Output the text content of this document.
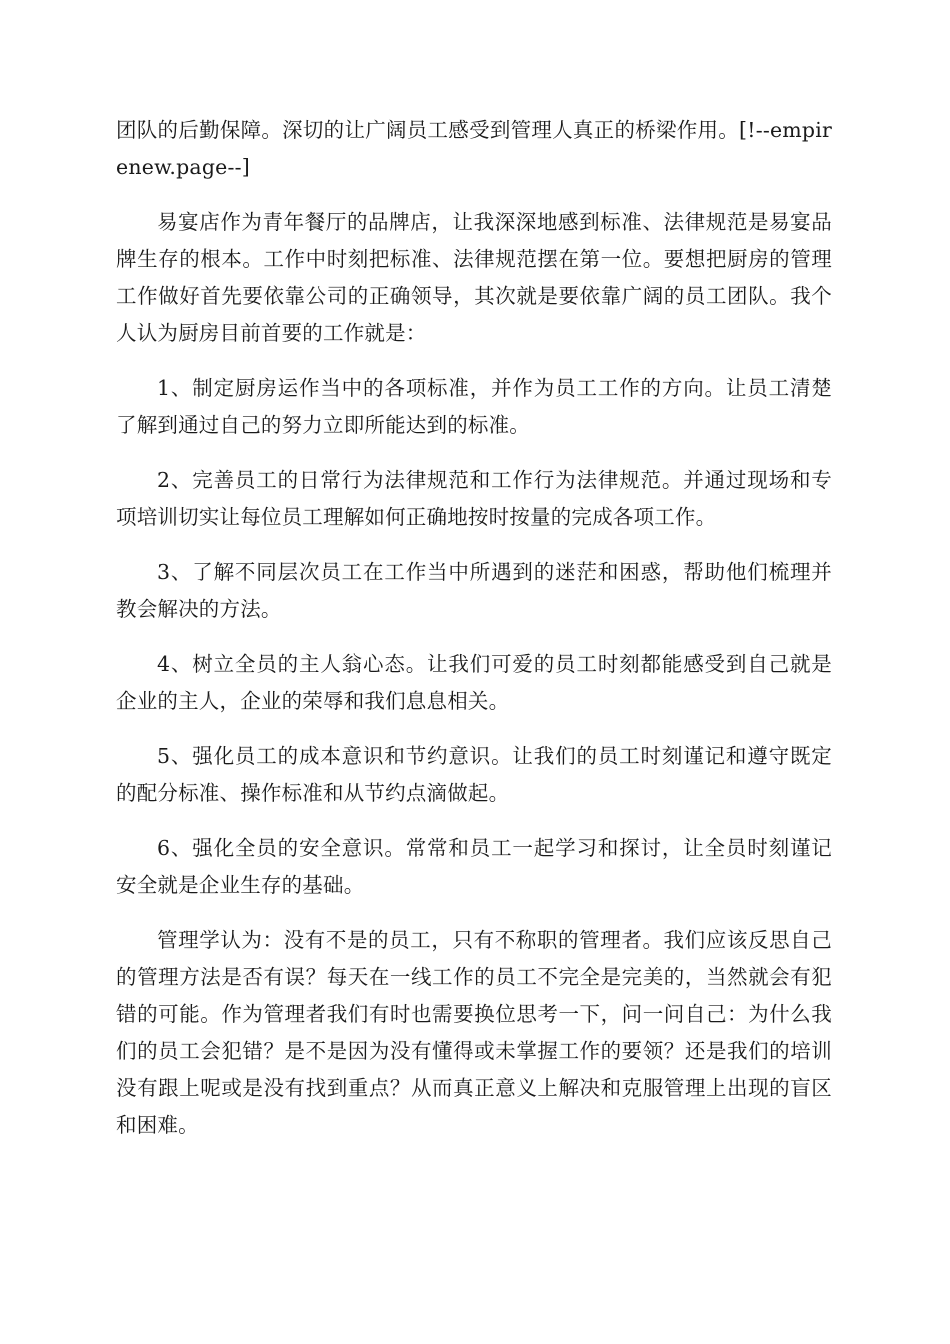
团队的后勤保障。深切的让广阔员工感受到管理人真正的桥梁作用。[!--empirenew.page--]

易宴店作为青年餐厅的品牌店，让我深深地感到标准、法律规范是易宴品牌生存的根本。工作中时刻把标准、法律规范摆在第一位。要想把厨房的管理工作做好首先要依靠公司的正确领导，其次就是要依靠广阔的员工团队。我个人认为厨房目前首要的工作就是：

1、制定厨房运作当中的各项标准，并作为员工工作的方向。让员工清楚了解到通过自己的努力立即所能达到的标准。

2、完善员工的日常行为法律规范和工作行为法律规范。并通过现场和专项培训切实让每位员工理解如何正确地按时按量的完成各项工作。

3、了解不同层次员工在工作当中所遇到的迷茫和困惑，帮助他们梳理并教会解决的方法。

4、树立全员的主人翁心态。让我们可爱的员工时刻都能感受到自己就是企业的主人，企业的荣辱和我们息息相关。

5、强化员工的成本意识和节约意识。让我们的员工时刻谨记和遵守既定的配分标准、操作标准和从节约点滴做起。

6、强化全员的安全意识。常常和员工一起学习和探讨，让全员时刻谨记安全就是企业生存的基础。

管理学认为：没有不是的员工，只有不称职的管理者。我们应该反思自己的管理方法是否有误？每天在一线工作的员工不完全是完美的，当然就会有犯错的可能。作为管理者我们有时也需要换位思考一下，问一问自己：为什么我们的员工会犯错？是不是因为没有懂得或未掌握工作的要领？还是我们的培训没有跟上呢或是没有找到重点？从而真正意义上解决和克服管理上出现的盲区和困难。
